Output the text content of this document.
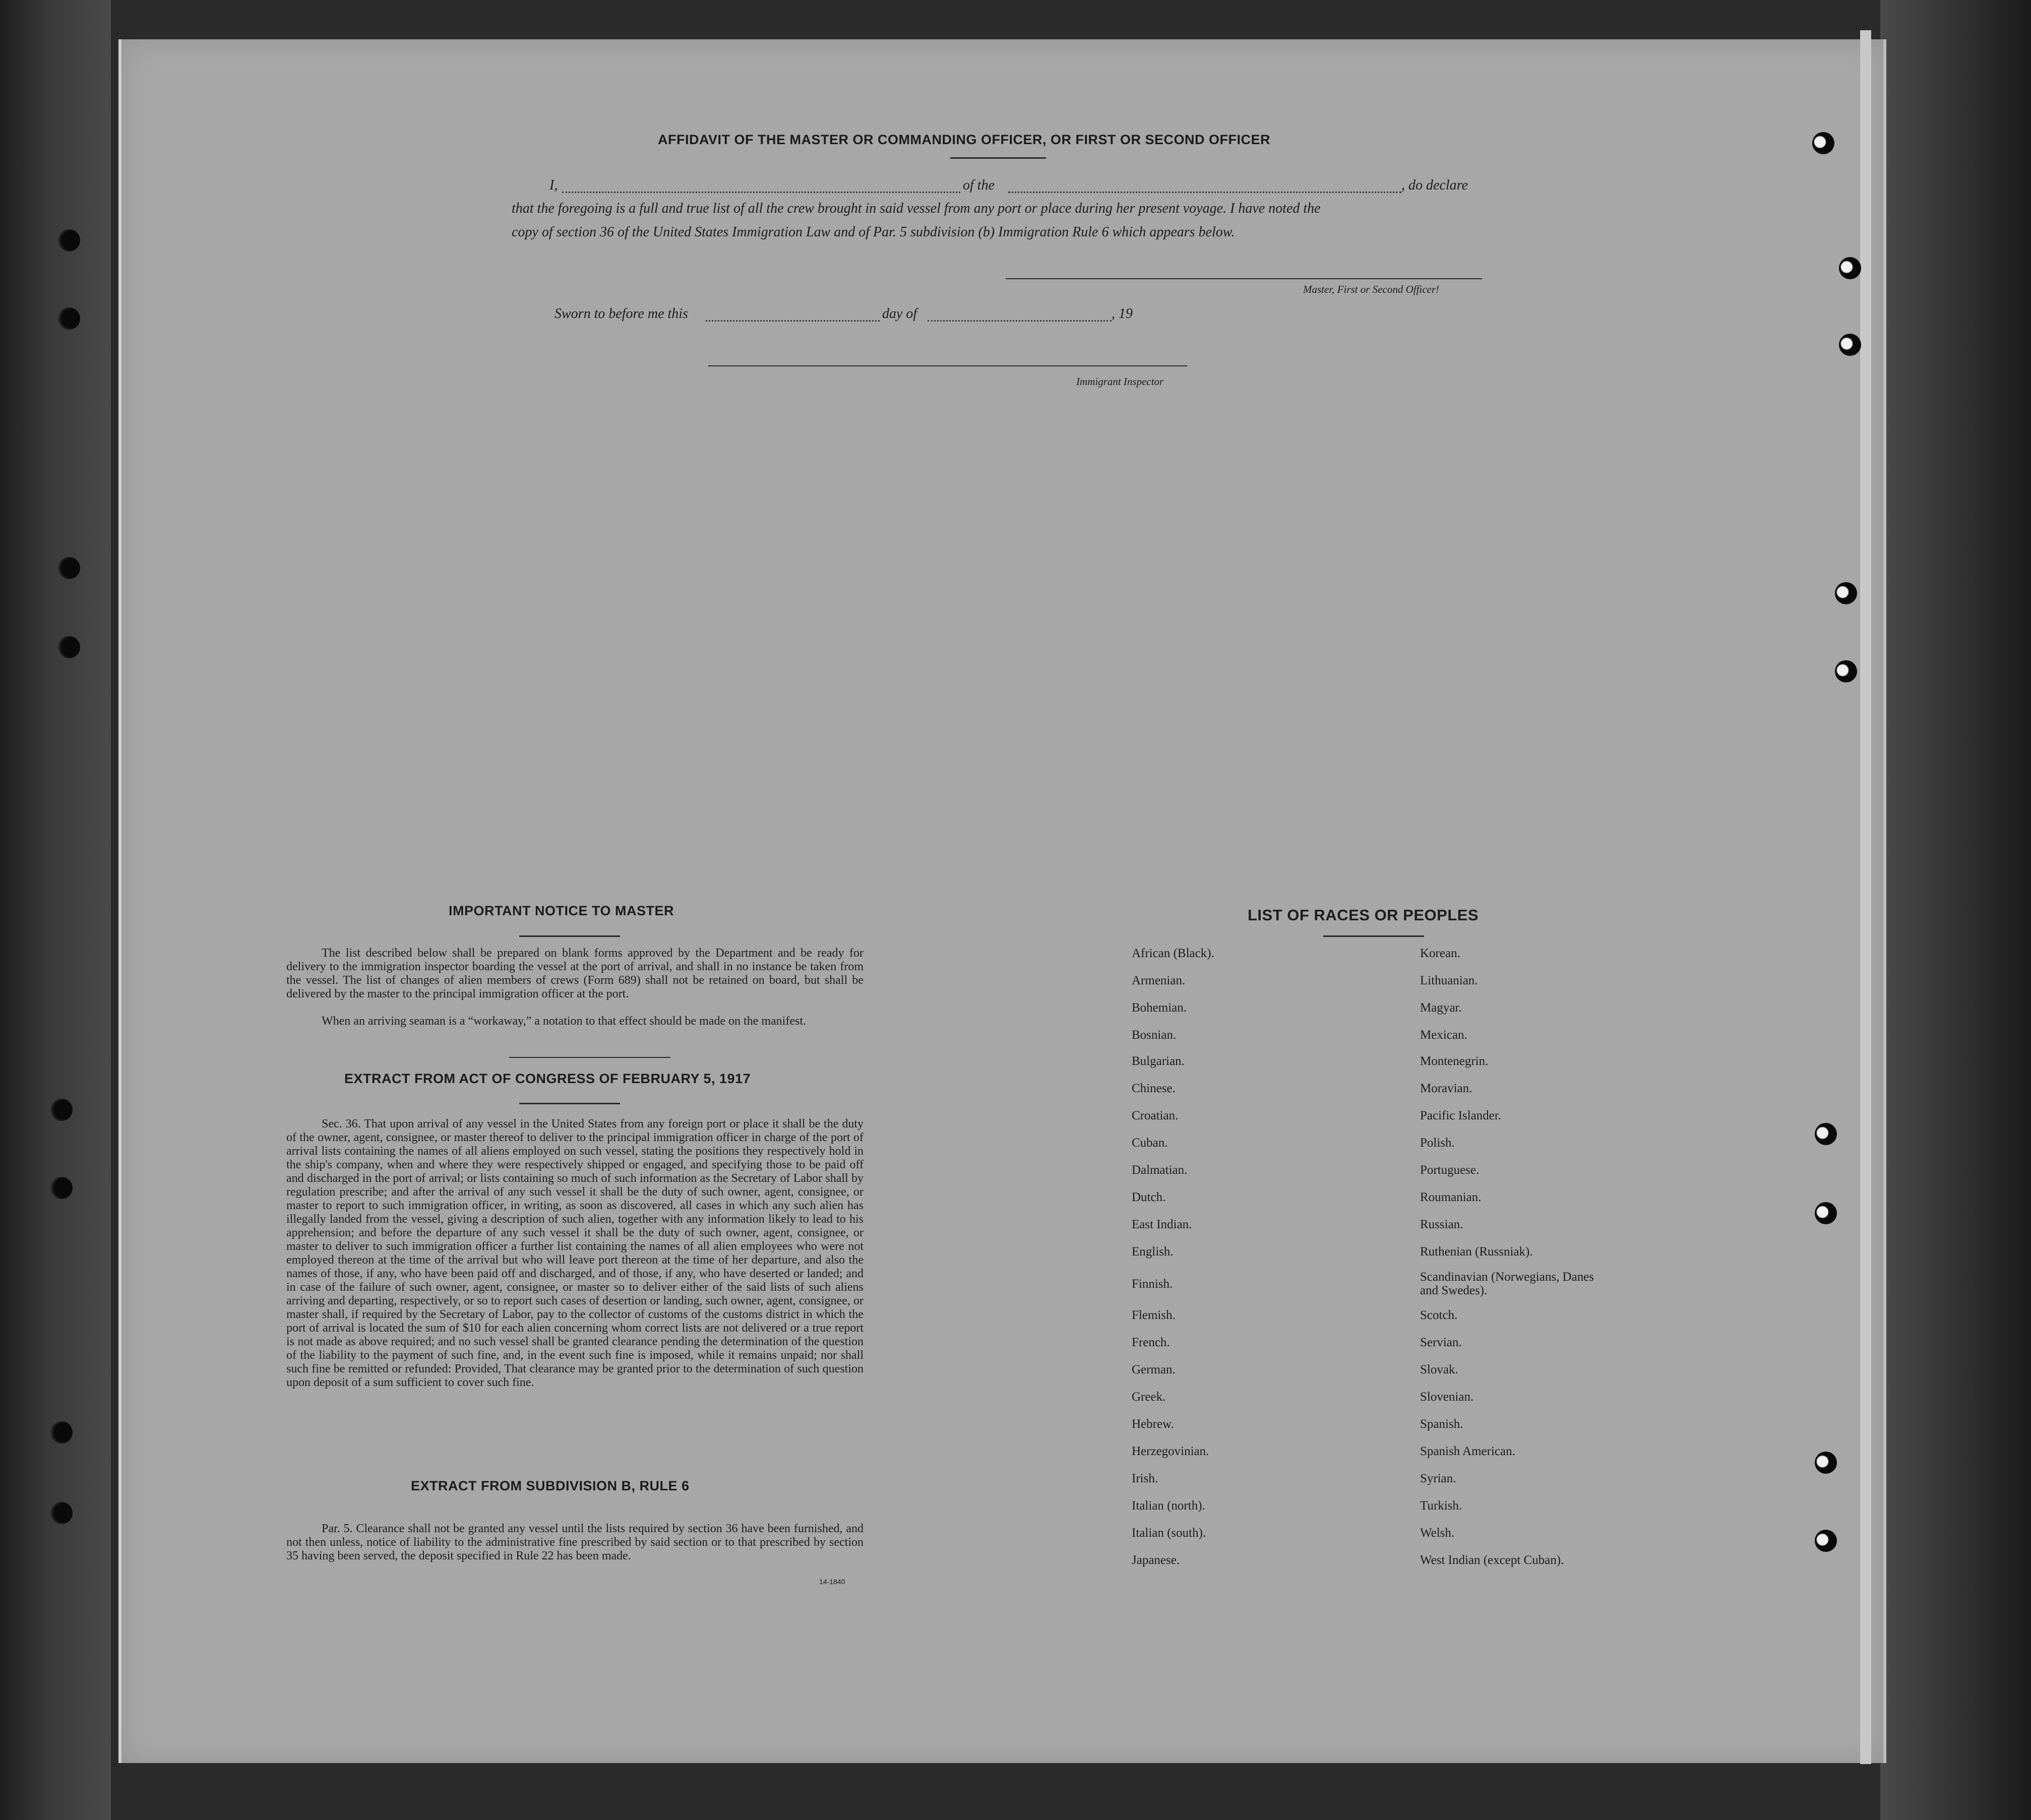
AFFIDAVIT OF THE MASTER OR COMMANDING OFFICER, OR FIRST OR SECOND OFFICER
I,	of the	, do declare
that the foregoing is a full and true list of all the crew brought in said vessel from any port or place during her present voyage. I have noted the
copy of section 36 of the United States Immigration Law and of Par. 5 subdivision (b) Immigration Rule 6 which appears below.
Master, First or Second Officer!
Sworn to before me this	day of	, 19
Immigrant Inspector
IMPORTANT NOTICE TO MASTER
The list described below shall be prepared on blank forms approved by the Department and be ready for delivery to the immigration inspector boarding the vessel at the port of arrival, and shall in no instance be taken from the vessel. The list of changes of alien members of crews (Form 689) shall not be retained on board, but shall be delivered by the master to the principal immigration officer at the port.
When an arriving seaman is a “workaway,” a notation to that effect should be made on the manifest.
EXTRACT FROM ACT OF CONGRESS OF FEBRUARY 5, 1917
Sec. 36. That upon arrival of any vessel in the United States from any foreign port or place it shall be the duty of the owner, agent, consignee, or master thereof to deliver to the principal immigration officer in charge of the port of arrival lists containing the names of all aliens employed on such vessel, stating the positions they respectively hold in the ship's company, when and where they were respectively shipped or engaged, and specifying those to be paid off and discharged in the port of arrival; or lists containing so much of such information as the Secretary of Labor shall by regulation prescribe; and after the arrival of any such vessel it shall be the duty of such owner, agent, consignee, or master to report to such immigration officer, in writing, as soon as discovered, all cases in which any such alien has illegally landed from the vessel, giving a description of such alien, together with any information likely to lead to his apprehension; and before the departure of any such vessel it shall be the duty of such owner, agent, consignee, or master to deliver to such immigration officer a further list containing the names of all alien employees who were not employed thereon at the time of the arrival but who will leave port thereon at the time of her departure, and also the names of those, if any, who have been paid off and discharged, and of those, if any, who have deserted or landed; and in case of the failure of such owner, agent, consignee, or master so to deliver either of the said lists of such aliens arriving and departing, respectively, or so to report such cases of desertion or landing, such owner, agent, consignee, or master shall, if required by the Secretary of Labor, pay to the collector of customs of the customs district in which the port of arrival is located the sum of $10 for each alien concerning whom correct lists are not delivered or a true report is not made as above required; and no such vessel shall be granted clearance pending the determination of the question of the liability to the payment of such fine, and, in the event such fine is imposed, while it remains unpaid; nor shall such fine be remitted or refunded: Provided, That clearance may be granted prior to the determination of such question upon deposit of a sum sufficient to cover such fine.
EXTRACT FROM SUBDIVISION B, RULE 6
Par. 5. Clearance shall not be granted any vessel until the lists required by section 36 have been furnished, and not then unless, notice of liability to the administrative fine prescribed by said section or to that prescribed by section 35 having been served, the deposit specified in Rule 22 has been made.
14-1840
LIST OF RACES OR PEOPLES
African (Black).
Armenian.
Bohemian.
Bosnian.
Bulgarian.
Chinese.
Croatian.
Cuban.
Dalmatian.
Dutch.
East Indian.
English.
Finnish.
Flemish.
French.
German.
Greek.
Hebrew.
Herzegovinian.
Irish.
Italian (north).
Italian (south).
Japanese.
Korean.
Lithuanian.
Magyar.
Mexican.
Montenegrin.
Moravian.
Pacific Islander.
Polish.
Portuguese.
Roumanian.
Russian.
Ruthenian (Russniak).
Scandinavian (Norwegians, Danes and Swedes).
Scotch.
Servian.
Slovak.
Slovenian.
Spanish.
Spanish American.
Syrian.
Turkish.
Welsh.
West Indian (except Cuban).
